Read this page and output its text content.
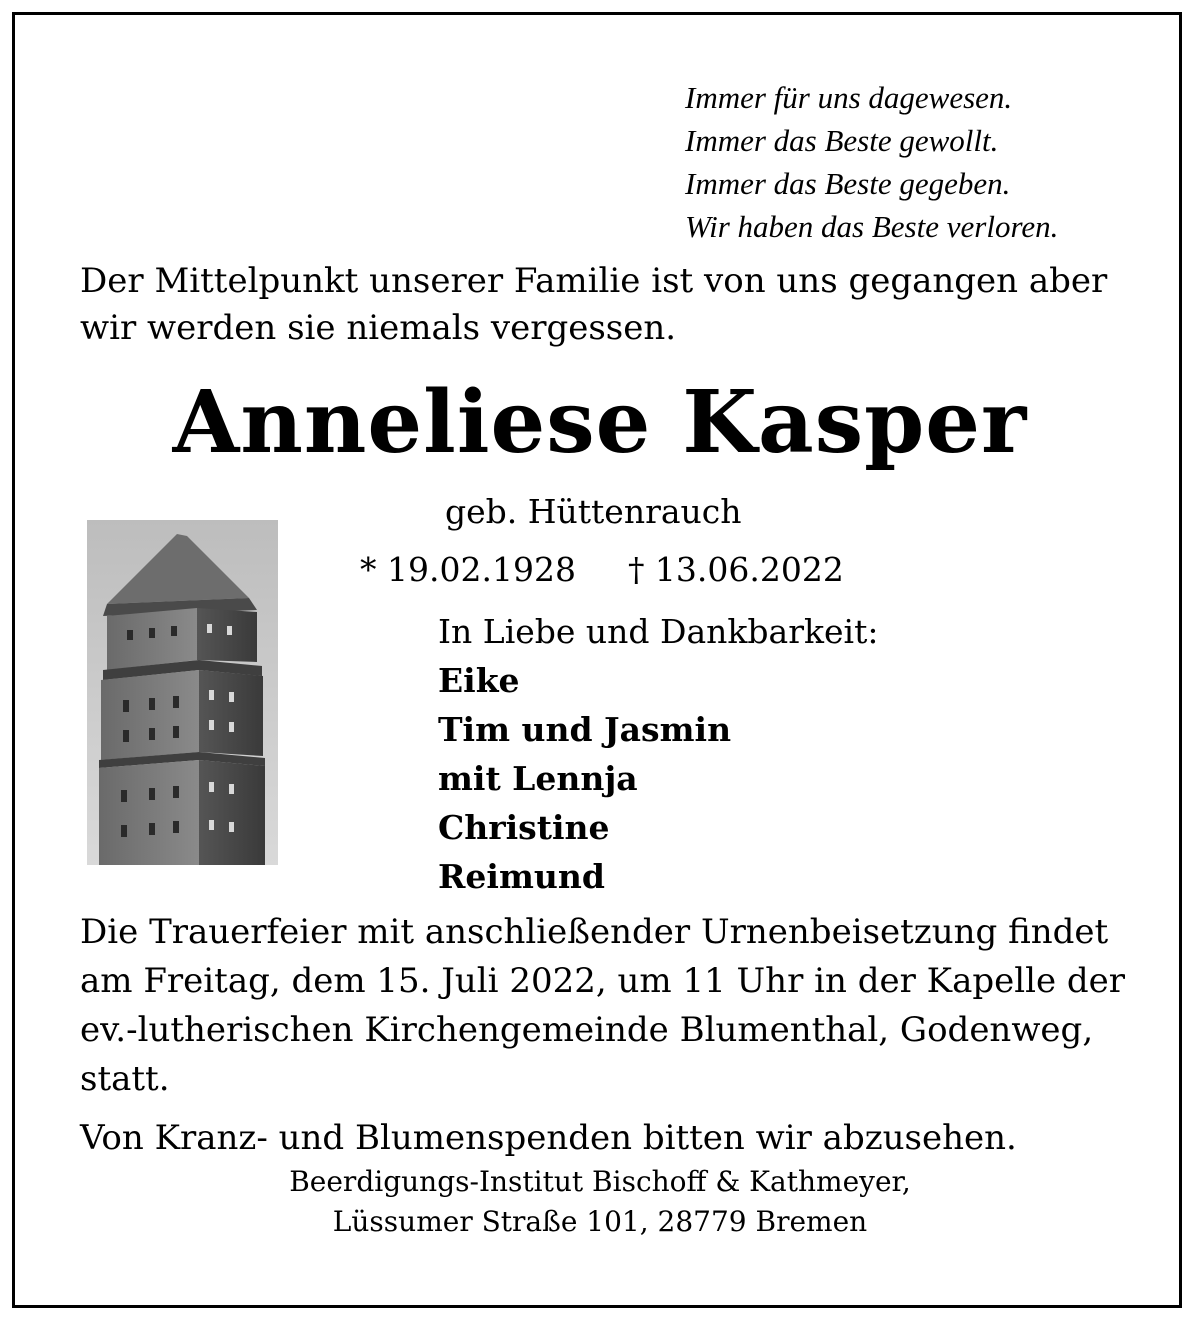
Immer für uns dagewesen.
Immer das Beste gewollt.
Immer das Beste gegeben.
Wir haben das Beste verloren.
Der Mittelpunkt unserer Familie ist von uns gegangen aber wir werden sie niemals vergessen.
Anneliese Kasper
geb. Hüttenrauch
* 19.02.1928 † 13.06.2022
In Liebe und Dankbarkeit:
Eike
Tim und Jasmin
mit Lennja
Christine
Reimund
Die Trauerfeier mit anschließender Urnenbeisetzung findet am Freitag, dem 15. Juli 2022, um 11 Uhr in der Kapelle der ev.-lutherischen Kirchengemeinde Blumenthal, Godenweg, statt.
Von Kranz- und Blumenspenden bitten wir abzusehen.
Beerdigungs-Institut Bischoff & Kathmeyer,
Lüssumer Straße 101, 28779 Bremen
